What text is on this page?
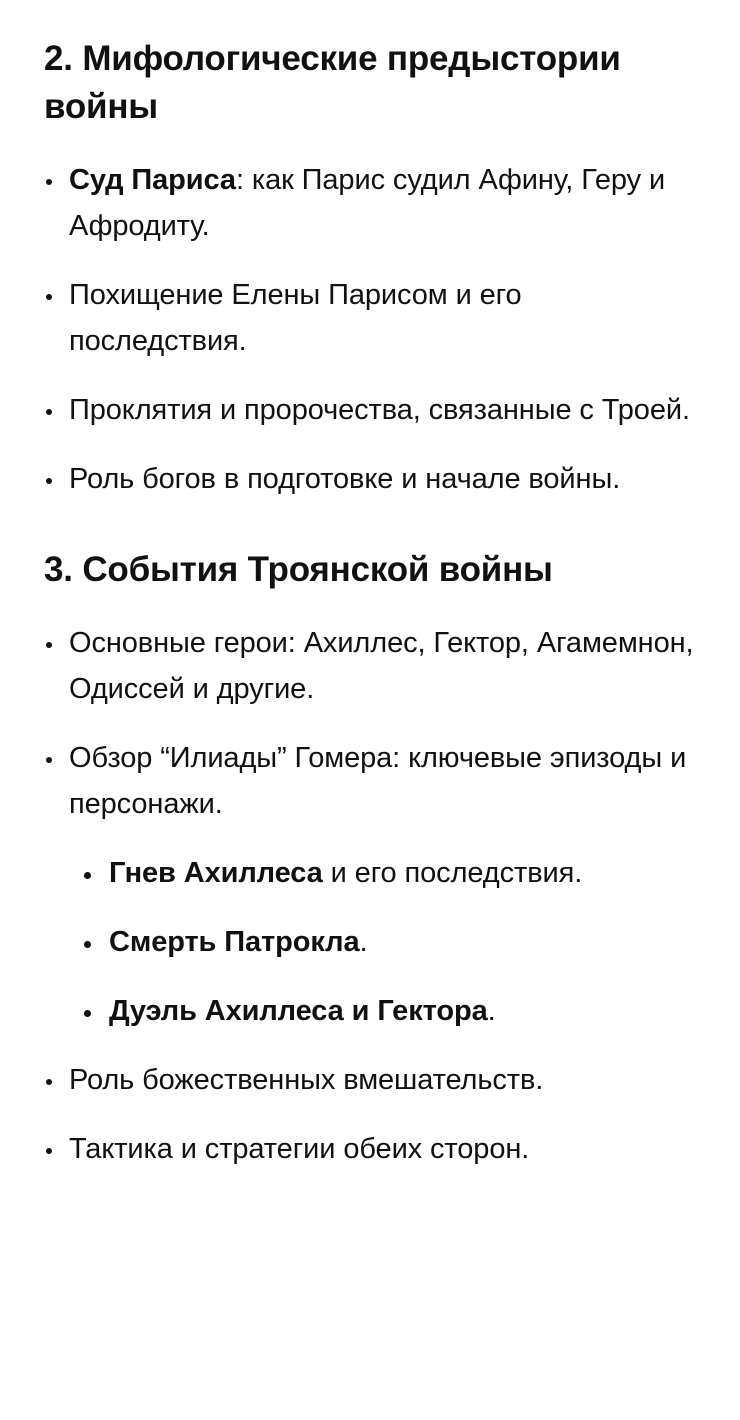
2. Мифологические предыстории войны
Суд Париса: как Парис судил Афину, Геру и Афродиту.
Похищение Елены Парисом и его последствия.
Проклятия и пророчества, связанные с Троей.
Роль богов в подготовке и начале войны.
3. События Троянской войны
Основные герои: Ахиллес, Гектор, Агамемнон, Одиссей и другие.
Обзор “Илиады” Гомера: ключевые эпизоды и персонажи.
Гнев Ахиллеса и его последствия.
Смерть Патрокла.
Дуэль Ахиллеса и Гектора.
Роль божественных вмешательств.
Тактика и стратегии обеих сторон.
